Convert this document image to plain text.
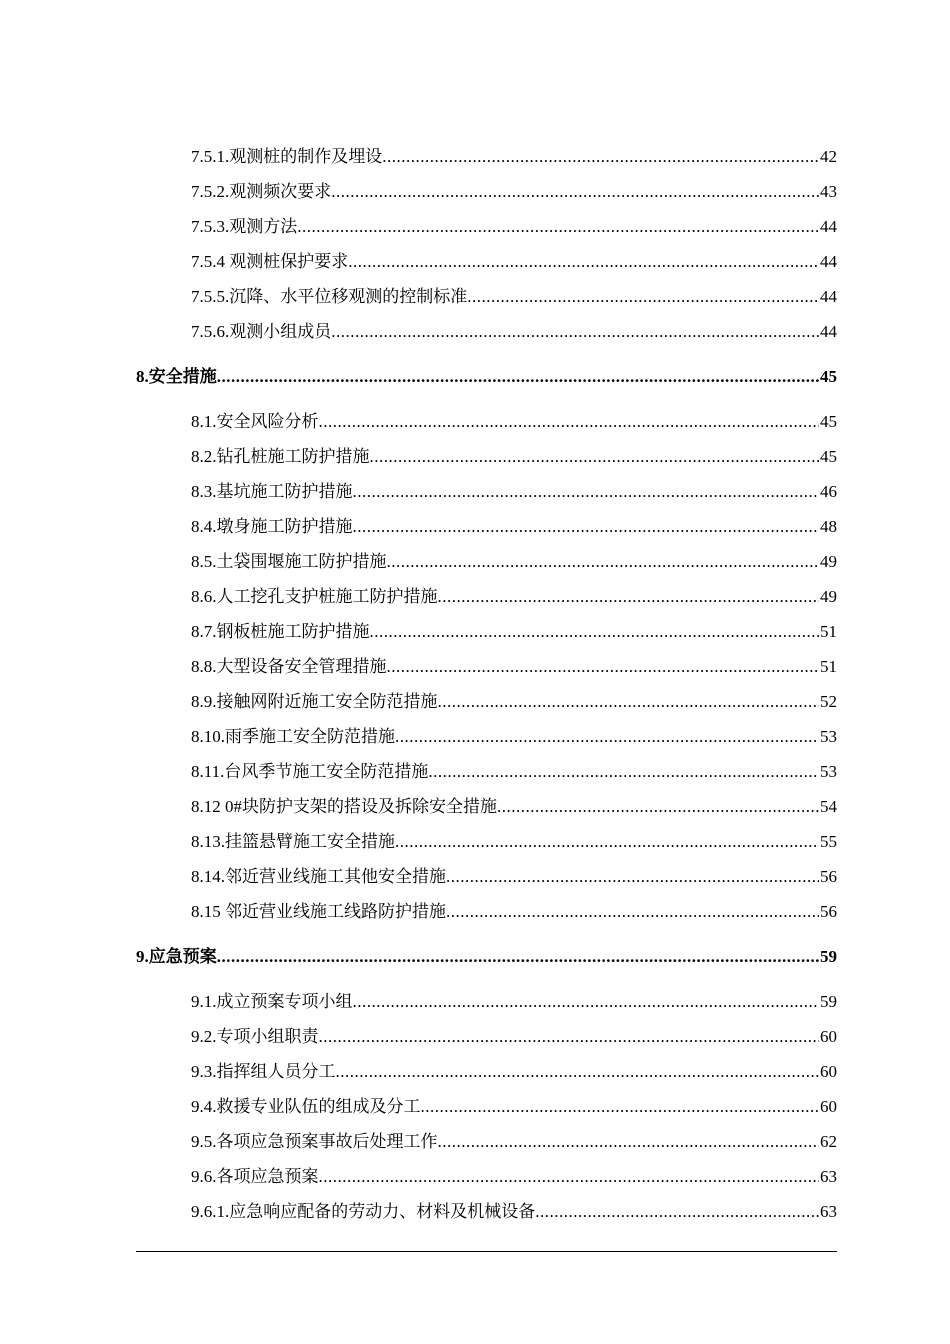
7.5.1.观测桩的制作及埋设 .....	42
7.5.2.观测频次要求 .....	43
7.5.3.观测方法 .....	44
7.5.4 观测桩保护要求 .....	44
7.5.5.沉降、水平位移观测的控制标准 .....	44
7.5.6.观测小组成员 .....	44
8.安全措施 .....	45
8.1.安全风险分析 .....	45
8.2.钻孔桩施工防护措施 .....	45
8.3.基坑施工防护措施 .....	46
8.4.墩身施工防护措施 .....	48
8.5.土袋围堰施工防护措施 .....	49
8.6.人工挖孔支护桩施工防护措施 .....	49
8.7.钢板桩施工防护措施 .....	51
8.8.大型设备安全管理措施 .....	51
8.9.接触网附近施工安全防范措施 .....	52
8.10.雨季施工安全防范措施 .....	53
8.11.台风季节施工安全防范措施 .....	53
8.12 0#块防护支架的搭设及拆除安全措施 .....	54
8.13.挂篮悬臂施工安全措施 .....	55
8.14.邻近营业线施工其他安全措施 .....	56
8.15 邻近营业线施工线路防护措施 .....	56
9.应急预案 .....	59
9.1.成立预案专项小组 .....	59
9.2.专项小组职责 .....	60
9.3.指挥组人员分工 .....	60
9.4.救援专业队伍的组成及分工 .....	60
9.5.各项应急预案事故后处理工作 .....	62
9.6.各项应急预案 .....	63
9.6.1.应急响应配备的劳动力、材料及机械设备 .....	63
